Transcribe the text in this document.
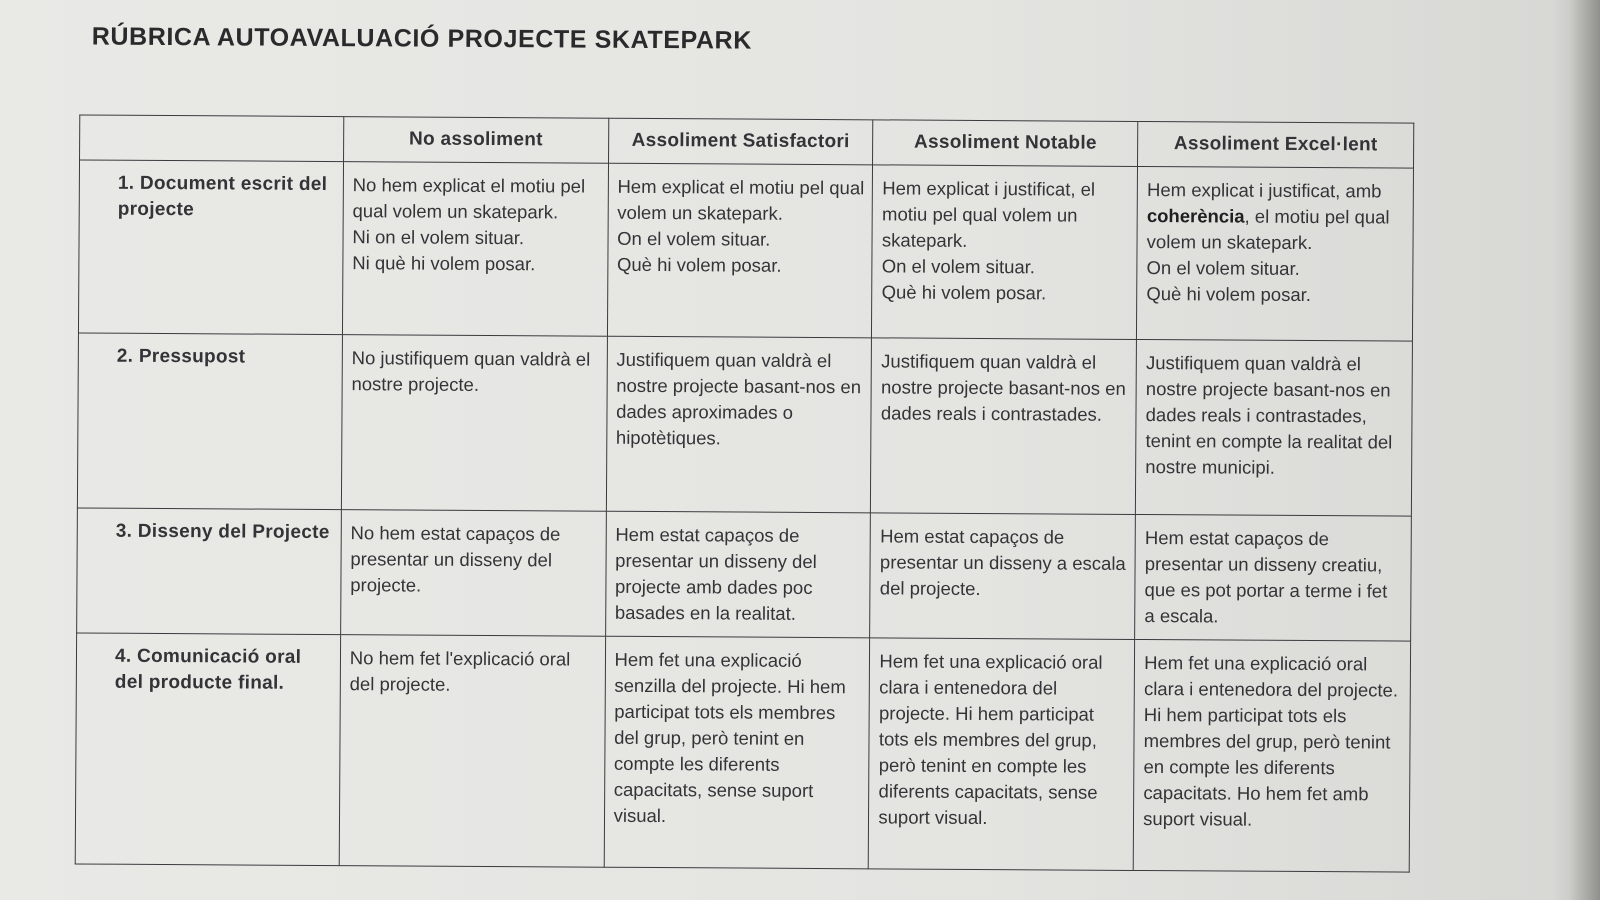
RÚBRICA AUTOAVALUACIÓ PROJECTE SKATEPARK
	No assoliment	Assoliment Satisfactori	Assoliment Notable	Assoliment Excel·lent
1. Document escrit del projecte	No hem explicat el motiu pel qual volem un skatepark.
Ni on el volem situar.
Ni què hi volem posar.	Hem explicat el motiu pel qual volem un skatepark.
On el volem situar.
Què hi volem posar.	Hem explicat i justificat, el motiu pel qual volem un skatepark.
On el volem situar.
Què hi volem posar.	Hem explicat i justificat, amb coherència, el motiu pel qual volem un skatepark.
On el volem situar.
Què hi volem posar.

2. Pressupost	No justifiquem quan valdrà el nostre projecte.	Justifiquem quan valdrà el nostre projecte basant-nos en dades aproximades o hipotètiques.	Justifiquem quan valdrà el nostre projecte basant-nos en dades reals i contrastades.	Justifiquem quan valdrà el nostre projecte basant-nos en dades reals i contrastades, tenint en compte la realitat del nostre municipi.

3. Disseny del Projecte	No hem estat capaços de presentar un disseny del projecte.	Hem estat capaços de presentar un disseny del projecte amb dades poc basades en la realitat.	Hem estat capaços de presentar un disseny a escala del projecte.	Hem estat capaços de presentar un disseny creatiu, que es pot portar a terme i fet a escala.

4. Comunicació oral del producte final.	No hem fet l'explicació oral del projecte.	Hem fet una explicació senzilla del projecte. Hi hem participat tots els membres del grup, però tenint en compte les diferents capacitats, sense suport visual.	Hem fet una explicació oral clara i entenedora del projecte. Hi hem participat tots els membres del grup, però tenint en compte les diferents capacitats, sense suport visual.	Hem fet una explicació oral clara i entenedora del projecte. Hi hem participat tots els membres del grup, però tenint en compte les diferents capacitats. Ho hem fet amb suport visual.
